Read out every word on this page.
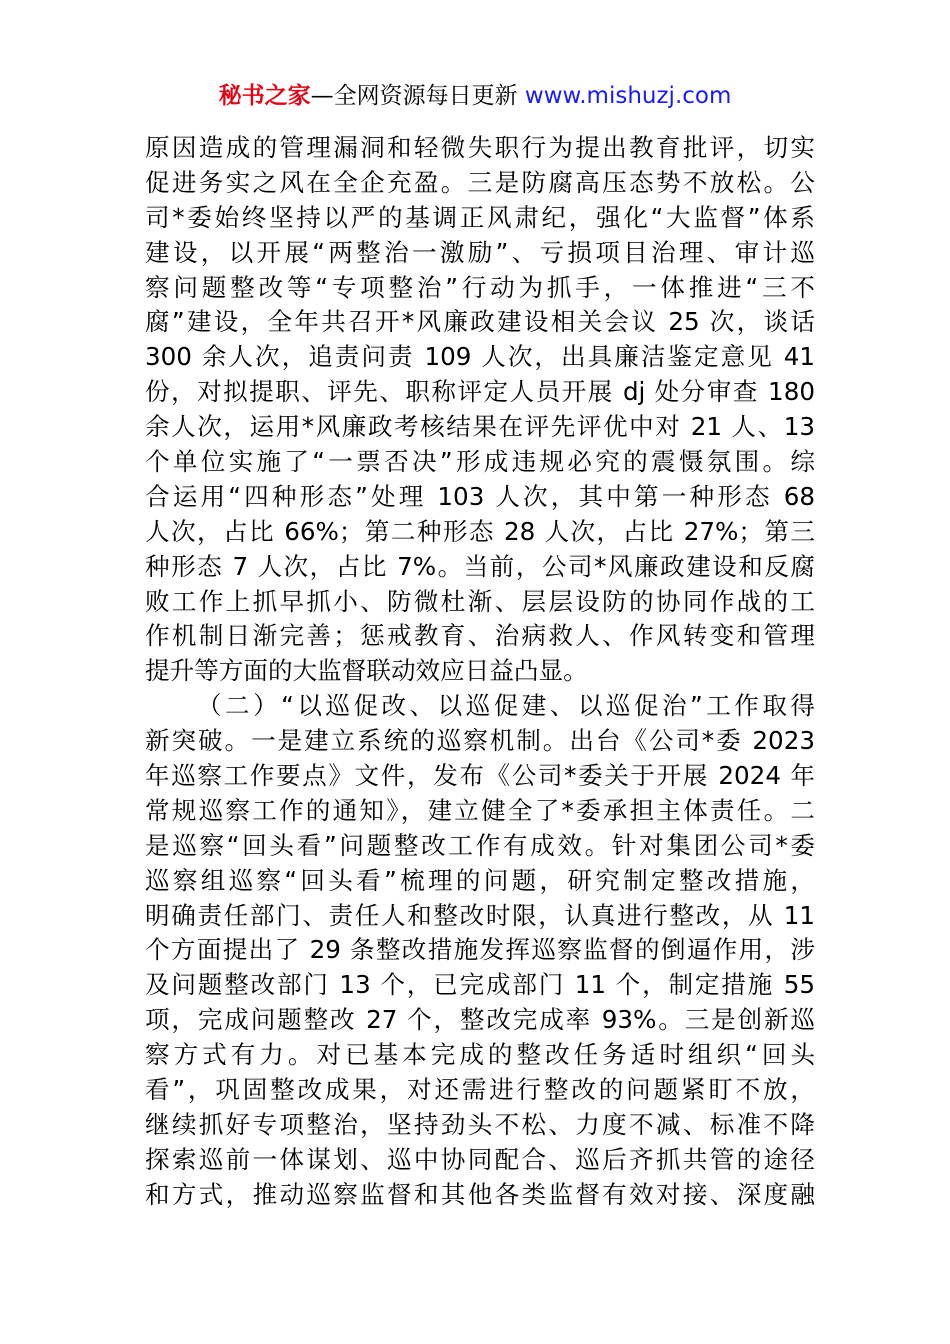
秘书之家—全网资源每日更新 www.mishuzj.com
原因造成的管理漏洞和轻微失职行为提出教育批评，切实
促进务实之风在全企充盈。三是防腐高压态势不放松。公
司*委始终坚持以严的基调正风肃纪，强化“大监督”体系
建设，以开展“两整治一激励”、亏损项目治理、审计巡
察问题整改等“专项整治”行动为抓手，一体推进“三不
腐”建设，全年共召开*风廉政建设相关会议 25 次，谈话
300 余人次，追责问责 109 人次，出具廉洁鉴定意见 41
份，对拟提职、评先、职称评定人员开展 dj 处分审查 180
余人次，运用*风廉政考核结果在评先评优中对 21 人、13
个单位实施了“一票否决”形成违规必究的震慑氛围。综
合运用“四种形态”处理 103 人次，其中第一种形态 68
人次，占比 66%；第二种形态 28 人次，占比 27%；第三
种形态 7 人次，占比 7%。当前，公司*风廉政建设和反腐
败工作上抓早抓小、防微杜渐、层层设防的协同作战的工
作机制日渐完善；惩戒教育、治病救人、作风转变和管理
提升等方面的大监督联动效应日益凸显。
（二）“以巡促改、以巡促建、以巡促治”工作取得
新突破。一是建立系统的巡察机制。出台《公司*委 2023
年巡察工作要点》文件，发布《公司*委关于开展 2024 年
常规巡察工作的通知》，建立健全了*委承担主体责任。二
是巡察“回头看”问题整改工作有成效。针对集团公司*委
巡察组巡察“回头看”梳理的问题，研究制定整改措施，
明确责任部门、责任人和整改时限，认真进行整改，从 11
个方面提出了 29 条整改措施发挥巡察监督的倒逼作用，涉
及问题整改部门 13 个，已完成部门 11 个，制定措施 55
项，完成问题整改 27 个，整改完成率 93%。三是创新巡
察方式有力。对已基本完成的整改任务适时组织“回头
看”，巩固整改成果，对还需进行整改的问题紧盯不放，
继续抓好专项整治，坚持劲头不松、力度不减、标准不降
探索巡前一体谋划、巡中协同配合、巡后齐抓共管的途径
和方式，推动巡察监督和其他各类监督有效对接、深度融
